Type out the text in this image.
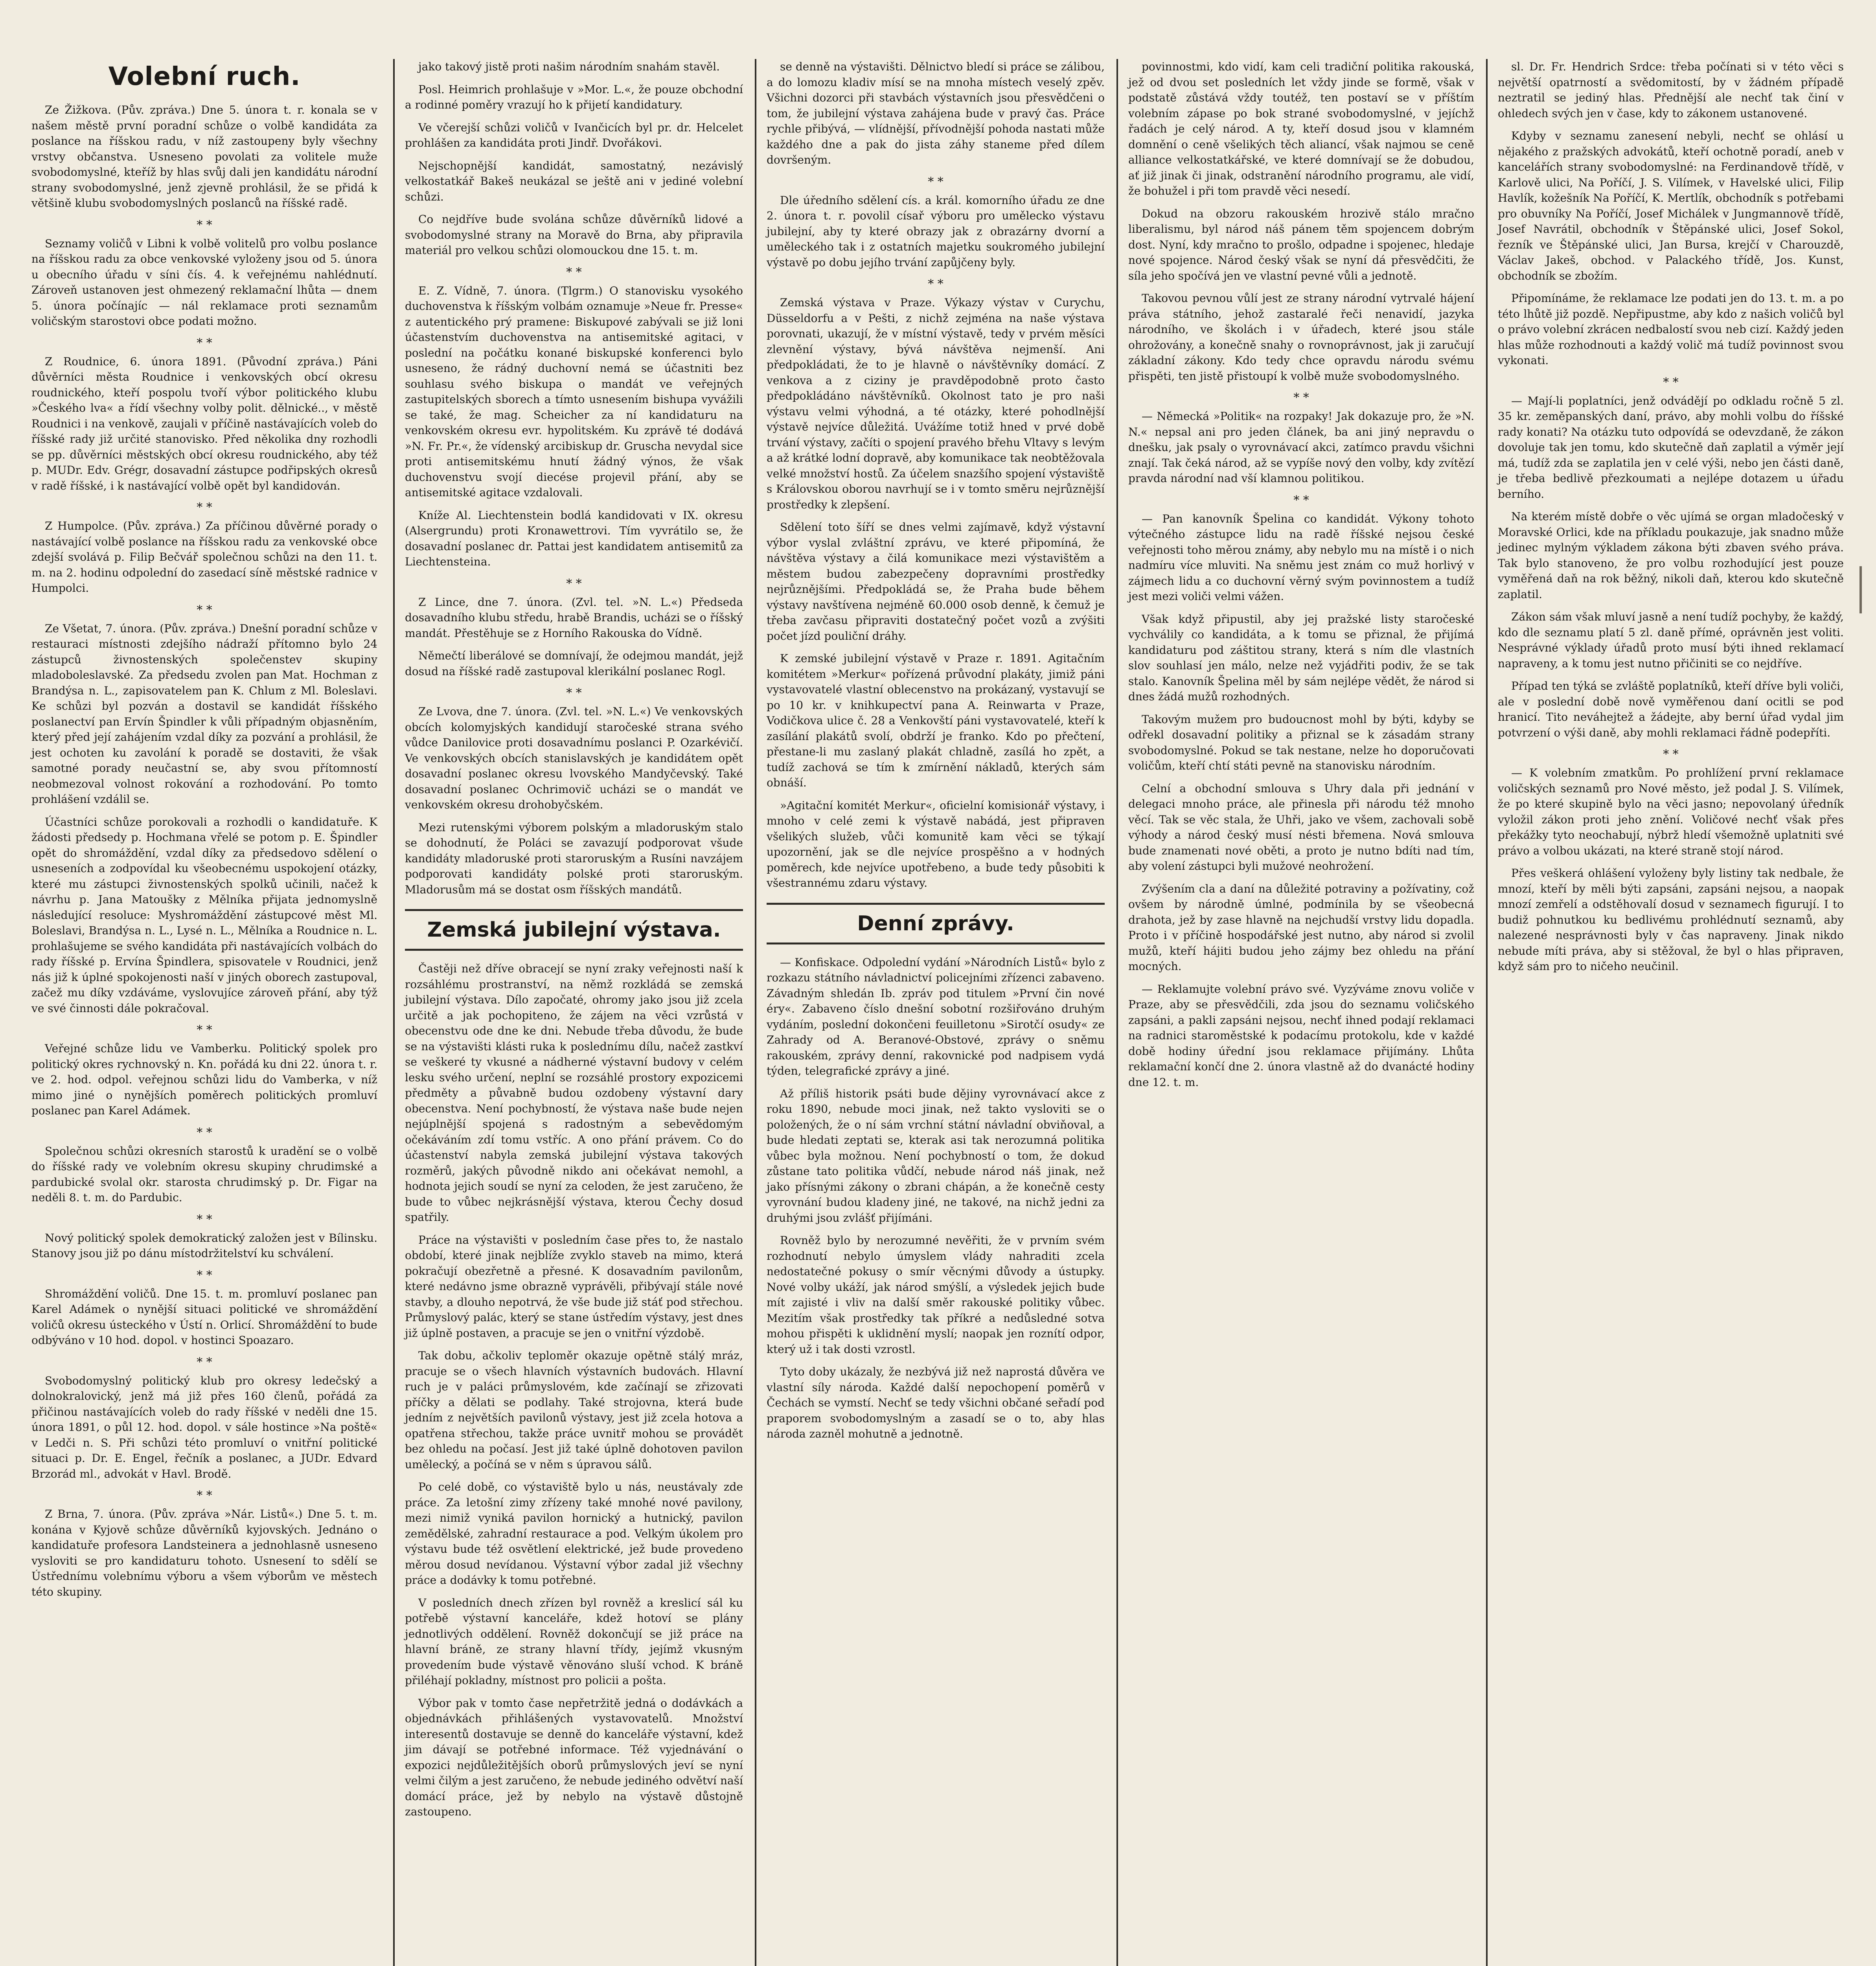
Volební ruch.

Ze Žižkova. (Pův. zpráva.) Dne 5. února t. r. konala se v našem městě první poradní schůze o volbě kandidáta za poslance na říšskou radu, v níž zastoupeny byly všechny vrstvy občanstva. Usneseno povolati za volitele muže svobodomyslné, kteříž by hlas svůj dali jen kandidátu národní strany svobodomyslné, jenž zjevně prohlásil, že se přidá k většině klubu svobodomyslných poslanců na říšské radě.

* *

Seznamy voličů v Libni k volbě volitelů pro volbu poslance na říšskou radu za obce venkovské vyloženy jsou od 5. února u obecního úřadu v síni čís. 4. k veřejnému nahlédnutí. Zároveň ustanoven jest ohmezený reklamační lhůta — dnem 5. února počínajíc — nál reklamace proti seznamům voličským starostovi obce podati možno.

* *

Z Roudnice, 6. února 1891. (Původní zpráva.) Páni důvěrníci města Roudnice i venkovských obcí okresu roudnického, kteří pospolu tvoří výbor politického klubu »Českého lva« a řídí všechny volby polit. dělnické.., v městě Roudnici i na venkově, zaujali v příčině nastávajících voleb do říšské rady již určité stanovisko. Před několika dny rozhodli se pp. důvěrníci městských obcí okresu roudnického, aby též p. MUDr. Edv. Grégr, dosavadní zástupce podřipských okresů v radě říšské, i k nastávající volbě opět byl kandidován.

* *

Z Humpolce. (Pův. zpráva.) Za příčinou důvěrné porady o nastávající volbě poslance na říšskou radu za venkovské obce zdejší svolává p. Filip Bečvář společnou schůzi na den 11. t. m. na 2. hodinu odpolední do zasedací síně městské radnice v Humpolci.

* *

Ze Všetat, 7. února. (Pův. zpráva.) Dnešní poradní schůze v restauraci místnosti zdejšího nádraží přítomno bylo 24 zástupců živnostenských společenstev skupiny mladoboleslavské. Za předsedu zvolen pan Mat. Hochman z Brandýsa n. L., zapisovatelem pan K. Chlum z Ml. Boleslavi. Ke schůzi byl pozván a dostavil se kandidát říšského poslanectví pan Ervín Špindler k vůli případným objasněním, který před její zahájením vzdal díky za pozvání a prohlásil, že jest ochoten ku zavolání k poradě se dostaviti, že však samotné porady neučastní se, aby svou přítomností neobmezoval volnost rokování a rozhodování. Po tomto prohlášení vzdálil se.

Účastníci schůze porokovali a rozhodli o kandidatuře. K žádosti předsedy p. Hochmana vřelé se potom p. E. Špindler opět do shromáždění, vzdal díky za předsedovo sdělení o usneseních a zodpovídal ku všeobecnému uspokojení otázky, které mu zástupci živnostenských spolků učinili, načež k návrhu p. Jana Matoušky z Mělníka přijata jednomyslně následující resoluce: Myshromáždění zástupcové měst Ml. Boleslavi, Brandýsa n. L., Lysé n. L., Mělníka a Roudnice n. L. prohlašujeme se svého kandidáta při nastávajících volbách do rady říšské p. Ervína Špindlera, spisovatele v Roudnici, jenž nás již k úplné spokojenosti naší v jiných oborech zastupoval, začež mu díky vzdáváme, vyslovujíce zároveň přání, aby týž ve své činnosti dále pokračoval.

* *

Veřejné schůze lidu ve Vamberku. Politický spolek pro politický okres rychnovský n. Kn. pořádá ku dni 22. února t. r. ve 2. hod. odpol. veřejnou schůzi lidu do Vamberka, v níž mimo jiné o nynějších poměrech politických promluví poslanec pan Karel Adámek.

* *

Společnou schůzi okresních starostů k uradění se o volbě do říšské rady ve volebním okresu skupiny chrudimské a pardubické svolal okr. starosta chrudimský p. Dr. Figar na neděli 8. t. m. do Pardubic.

* *

Nový politický spolek demokratický založen jest v Bílinsku. Stanovy jsou již po dánu místodržitelství ku schválení.

* *

Shromáždění voličů. Dne 15. t. m. promluví poslanec pan Karel Adámek o nynější situaci politické ve shromáždění voličů okresu ústeckého v Ústí n. Orlicí. Shromáždění to bude odbýváno v 10 hod. dopol. v hostinci Spoazaro.

* *

Svobodomyslný politický klub pro okresy ledečský a dolnokralovický, jenž má již přes 160 členů, pořádá za přičinou nastávajících voleb do rady říšské v neděli dne 15. února 1891, o půl 12. hod. dopol. v sále hostince »Na poště« v Ledči n. S. Při schůzi této promluví o vnitřní politické situaci p. Dr. E. Engel, řečník a poslanec, a JUDr. Edvard Brzorád ml., advokát v Havl. Brodě.

* *

Z Brna, 7. února. (Pův. zpráva »Nár. Listů«.) Dne 5. t. m. konána v Kyjově schůze důvěrníků kyjovských. Jednáno o kandidatuře profesora Landsteinera a jednohlasně usneseno vysloviti se pro kandidaturu tohoto. Usnesení to sdělí se Ústřednímu volebnímu výboru a všem výborům ve městech této skupiny.

jako takový jistě proti našim národním snahám stavěl.

Posl. Heimrich prohlašuje v »Mor. L.«, že pouze obchodní a rodinné poměry vrazují ho k přijetí kandidatury.

Ve včerejší schůzi voličů v Ivančicích byl pr. dr. Helcelet prohlášen za kandidáta proti Jindř. Dvořákovi.

Nejschopnější kandidát, samostatný, nezávislý velkostatkář Bakeš neukázal se ještě ani v jediné volební schůzi.

Co nejdříve bude svolána schůze důvěrníků lidové a svobodomyslné strany na Moravě do Brna, aby připravila materiál pro velkou schůzi olomouckou dne 15. t. m.

* *

E. Z. Vídně, 7. února. (Tlgrm.) O stanovisku vysokého duchovenstva k říšským volbám oznamuje »Neue fr. Presse« z autentického prý pramene: Biskupové zabývali se již loni účastenstvím duchovenstva na antisemitské agitaci, v poslední na počátku konané biskupské konferenci bylo usneseno, že rádný duchovní nemá se účastniti bez souhlasu svého biskupa o mandát ve veřejných zastupitelských sborech a tímto usnesením bishupa vyvážili se také, že mag. Scheicher za ní kandidaturu na venkovském okresu evr. hypolitském. Ku zprávě té dodává »N. Fr. Pr.«, že vídenský arcibiskup dr. Gruscha nevydal sice proti antisemitskému hnutí žádný výnos, že však duchovenstvu svojí diecése projevil přání, aby se antisemitské agitace vzdalovali.

Kníže Al. Liechtenstein bodlá kandidovati v IX. okresu (Alsergrundu) proti Kronawettrovi. Tím vyvrátilo se, že dosavadní poslanec dr. Pattai jest kandidatem antisemitů za Liechtensteina.

* *

Z Lince, dne 7. února. (Zvl. tel. »N. L.«) Předseda dosavadního klubu středu, hrabě Brandis, ucházi se o říšský mandát. Přestěhuje se z Horního Rakouska do Vídně.

Němečtí liberálové se domnívají, že odejmou mandát, jejž dosud na říšské radě zastupoval klerikální poslanec Rogl.

* *

Ze Lvova, dne 7. února. (Zvl. tel. »N. L.«) Ve venkovských obcích kolomyjských kandidují staročeské strana svého vůdce Danilovice proti dosavadnímu poslanci P. Ozarkévičí. Ve venkovských obcích stanislavských je kandidátem opět dosavadní poslanec okresu lvovského Mandyčevský. Také dosavadní poslanec Ochrimovič ucházi se o mandát ve venkovském okresu drohobyčském.

Mezi rutenskými výborem polským a mladoruským stalo se dohodnutí, že Poláci se zavazují podporovat všude kandidáty mladoruské proti staroruským a Rusíni navzájem podporovati kandidáty polské proti staroruským. Mladorusům má se dostat osm říšských mandátů.

Zemská jubilejní výstava.

Častěji než dříve obracejí se nyní zraky veřejnosti naší k rozsáhlému prostranství, na němž rozkládá se zemská jubilejní výstava. Dílo započaté, ohromy jako jsou již zcela určitě a jak pochopiteno, že zájem na věci vzrůstá v obecenstvu ode dne ke dni. Nebude třeba důvodu, že bude se na výstavišti klásti ruka k poslednímu dílu, načež zastkví se veškeré ty vkusné a nádherné výstavní budovy v celém lesku svého určení, neplní se rozsáhlé prostory expozicemi předměty a půvabně budou ozdobeny výstavní dary obecenstva. Není pochybností, že výstava naše bude nejen nejúplnější spojená s radostným a sebevědomým očekáváním zdí tomu vstříc. A ono přání právem. Co do účastenství nabyla zemská jubilejní výstava takových rozměrů, jakých původně nikdo ani očekávat nemohl, a hodnota jejich soudí se nyní za celoden, že jest zaručeno, že bude to vůbec nejkrásnější výstava, kterou Čechy dosud spatřily.

Práce na výstavišti v posledním čase přes to, že nastalo období, které jinak nejblíže zvyklo staveb na mimo, která pokračují obezřetně a přesné. K dosavadním pavilonům, které nedávno jsme obrazně vyprávěli, přibývají stále nové stavby, a dlouho nepotrvá, že vše bude již stáť pod střechou. Průmyslový palác, který se stane ústředím výstavy, jest dnes již úplně postaven, a pracuje se jen o vnitřní výzdobě.

Tak dobu, ačkoliv teploměr okazuje opětně stálý mráz, pracuje se o všech hlavních výstavních budovách. Hlavní ruch je v paláci průmyslovém, kde začínají se zřizovati příčky a dělati se podlahy. Také strojovna, která bude jedním z největších pavilonů výstavy, jest již zcela hotova a opatřena střechou, takže práce uvnitř mohou se provádět bez ohledu na počasí. Jest již také úplně dohotoven pavilon umělecký, a počíná se v něm s úpravou sálů.

Po celé době, co výstaviště bylo u nás, neustávaly zde práce. Za letošní zimy zřízeny také mnohé nové pavilony, mezi nimiž vyniká pavilon hornický a hutnický, pavilon zemědělské, zahradní restaurace a pod. Velkým úkolem pro výstavu bude též osvětlení elektrické, jež bude provedeno měrou dosud nevídanou. Výstavní výbor zadal již všechny práce a dodávky k tomu potřebné.

V posledních dnech zřízen byl rovněž a kreslicí sál ku potřebě výstavní kanceláře, kdež hotoví se plány jednotlivých oddělení. Rovněž dokončují se již práce na hlavní bráně, ze strany hlavní třídy, jejímž vkusným provedením bude výstavě věnováno sluší vchod. K bráně přiléhají pokladny, místnost pro policii a pošta.

Výbor pak v tomto čase nepřetržitě jedná o dodávkách a objednávkách přihlášených vystavovatelů. Množství interesentů dostavuje se denně do kanceláře výstavní, kdež jim dávají se potřebné informace. Též vyjednávání o expozici nejdůležitějších oborů průmyslových jeví se nyní velmi čilým a jest zaručeno, že nebude jediného odvětví naší domácí práce, jež by nebylo na výstavě důstojně zastoupeno.

se denně na výstavišti. Dělnictvo bledí si práce se zálibou, a do lomozu kladiv mísí se na mnoha místech veselý zpěv. Všichni dozorci při stavbách výstavních jsou přesvědčeni o tom, že jubilejní výstava zahájena bude v pravý čas. Práce rychle přibývá, — vlídnější, přívodnější pohoda nastati může každého dne a pak do jista záhy staneme před dílem dovršeným.

* *

Dle úředního sdělení cís. a král. komorního úřadu ze dne 2. února t. r. povolil císař výboru pro umělecko výstavu jubilejní, aby ty které obrazy jak z obrazárny dvorní a uměleckého tak i z ostatních majetku soukromého jubilejní výstavě po dobu jejího trvání zapůjčeny byly.

* *

Zemská výstava v Praze. Výkazy výstav v Curychu, Düsseldorfu a v Pešti, z nichž zejména na naše výstava porovnati, ukazují, že v místní výstavě, tedy v prvém měsíci zlevnění výstavy, bývá návštěva nejmenší. Ani předpokládati, že to je hlavně o návštěvníky domácí. Z venkova a z ciziny je pravděpodobně proto často předpokládáno návštěvníků. Okolnost tato je pro naši výstavu velmi výhodná, a té otázky, které pohodlnější výstavě nejvíce důležitá. Uvážíme totiž hned v prvé době trvání výstavy, začíti o spojení pravého břehu Vltavy s levým a až krátké lodní dopravě, aby komunikace tak neobtěžovala velké množství hostů. Za účelem snazšího spojení výstaviště s Královskou oborou navrhují se i v tomto směru nejrůznější prostředky k zlepšení.

Sdělení toto šíří se dnes velmi zajímavě, když výstavní výbor vyslal zvláštní zprávu, ve které připomíná, že návštěva výstavy a čilá komunikace mezi výstavištěm a městem budou zabezpečeny dopravními prostředky nejrůznějšími. Předpokládá se, že Praha bude během výstavy navštívena nejméně 60.000 osob denně, k čemuž je třeba zavčasu připraviti dostatečný počet vozů a zvýšiti počet jízd pouliční dráhy.

K zemské jubilejní výstavě v Praze r. 1891. Agitačním komitétem »Merkur« pořízená průvodní plakáty, jimiž páni vystavovatelé vlastní oblecenstvo na prokázaný, vystavují se po 10 kr. v knihkupectví pana A. Reinwarta v Praze, Vodičkova ulice č. 28 a Venkovští páni vystavovatelé, kteří k zasílání plakátů svolí, obdrží je franko. Kdo po přečtení, přestane-li mu zaslaný plakát chladně, zasílá ho zpět, a tudíž zachová se tím k zmírnění nákladů, kterých sám obnáší.

»Agitační komitét Merkur«, oficielní komisionář výstavy, i mnoho v celé zemi k výstavě nabádá, jest připraven všelikých služeb, vůči komunitě kam věci se týkají upozornění, jak se dle nejvíce prospěšno a v hodných poměrech, kde nejvíce upotřebeno, a bude tedy působiti k všestrannému zdaru výstavy.

Denní zprávy.

— Konfiskace. Odpolední vydání »Národních Listů« bylo z rozkazu státního návladnictví policejními zřízenci zabaveno. Závadným shledán Ib. zpráv pod titulem »První čin nové éry«. Zabaveno číslo dnešní sobotní rozšiřováno druhým vydáním, poslední dokončeni feuilletonu »Sirotčí osudy« ze Zahrady od A. Beranové-Obstové, zprávy o sněmu rakouském, zprávy denní, rakovnické pod nadpisem vydá týden, telegrafické zprávy a jiné.

Až příliš historik psáti bude dějiny vyrovnávací akce z roku 1890, nebude moci jinak, než takto vysloviti se o položených, že o ní sám vrchní státní návladní obviňoval, a bude hledati zeptati se, kterak asi tak nerozumná politika vůbec byla možnou. Není pochybností o tom, že dokud zůstane tato politika vůdčí, nebude národ náš jinak, než jako přísnými zákony o zbrani chápán, a že konečně cesty vyrovnání budou kladeny jiné, ne takové, na nichž jedni za druhými jsou zvlášť přijímáni.

Rovněž bylo by nerozumné nevěřiti, že v prvním svém rozhodnutí nebylo úmyslem vlády nahraditi zcela nedostatečné pokusy o smír věcnými důvody a ústupky. Nové volby ukáží, jak národ smýšlí, a výsledek jejich bude mít zajisté i vliv na další směr rakouské politiky vůbec. Mezitím však prostředky tak příkré a nedůsledné sotva mohou přispěti k uklidnění myslí; naopak jen roznítí odpor, který už i tak dosti vzrostl.

Tyto doby ukázaly, že nezbývá již než naprostá důvěra ve vlastní síly národa. Každé další nepochopení poměrů v Čechách se vymstí. Nechť se tedy všichni občané seřadí pod praporem svobodomyslným a zasadí se o to, aby hlas národa zazněl mohutně a jednotně.

povinnostmi, kdo vidí, kam celi tradiční politika rakouská, jež od dvou set posledních let vždy jinde se formě, však v podstatě zůstává vždy toutéž, ten postaví se v příštím volebním zápase po bok strané svobodomyslné, v jejíchž řadách je celý národ. A ty, kteří dosud jsou v klamném domnění o ceně všelikých těch aliancí, však najmou se ceně alliance velkostatkářské, ve které domnívají se že dobudou, ať již jinak či jinak, odstranění národního programu, ale vidí, že bohužel i při tom pravdě věci nesedí.

Dokud na obzoru rakouském hrozivě stálo mračno liberalismu, byl národ náš pánem těm spojencem dobrým dost. Nyní, kdy mračno to prošlo, odpadne i spojenec, hledaje nové spojence. Národ český však se nyní dá přesvědčiti, že síla jeho spočívá jen ve vlastní pevné vůli a jednotě.

Takovou pevnou vůlí jest ze strany národní vytrvalé hájení práva státního, jehož zastaralé řeči nenavidí, jazyka národního, ve školách i v úřadech, které jsou stále ohrožovány, a konečně snahy o rovnoprávnost, jak ji zaručují základní zákony. Kdo tedy chce opravdu národu svému přispěti, ten jistě přistoupí k volbě muže svobodomyslného.

* *

— Německá »Politik« na rozpaky! Jak dokazuje pro, že »N. N.« nepsal ani pro jeden článek, ba ani jiný nepravdu o dnešku, jak psaly o vyrovnávací akci, zatímco pravdu všichni znají. Tak čeká národ, až se vypíše nový den volby, kdy zvítězí pravda národní nad vší klamnou politikou.

* *

— Pan kanovník Špelina co kandidát. Výkony tohoto výtečného zástupce lidu na radě říšské nejsou české veřejnosti toho měrou známy, aby nebylo mu na místě i o nich nadmíru více mluviti. Na sněmu jest znám co muž horlivý v zájmech lidu a co duchovní věrný svým povinnostem a tudíž jest mezi voliči velmi vážen.

Však když připustil, aby jej pražské listy staročeské vychválily co kandidáta, a k tomu se přiznal, že přijímá kandidaturu pod záštitou strany, která s ním dle vlastních slov souhlasí jen málo, nelze než vyjádřiti podiv, že se tak stalo. Kanovník Špelina měl by sám nejlépe vědět, že národ si dnes žádá mužů rozhodných.

Takovým mužem pro budoucnost mohl by býti, kdyby se odřekl dosavadní politiky a přiznal se k zásadám strany svobodomyslné. Pokud se tak nestane, nelze ho doporučovati voličům, kteří chtí státi pevně na stanovisku národním.

Celní a obchodní smlouva s Uhry dala při jednání v delegaci mnoho práce, ale přinesla při národu též mnoho věcí. Tak se věc stala, že Uhři, jako ve všem, zachovali sobě výhody a národ český musí nésti břemena. Nová smlouva bude znamenati nové oběti, a proto je nutno bdíti nad tím, aby volení zástupci byli mužové neohrožení.

Zvýšením cla a daní na důležité potraviny a požívatiny, což ovšem by národně úmlné, podmínila by se všeobecná drahota, jež by zase hlavně na nejchudší vrstvy lidu dopadla. Proto i v příčině hospodářské jest nutno, aby národ si zvolil mužů, kteří hájiti budou jeho zájmy bez ohledu na přání mocných.

— Reklamujte volební právo své. Vyzýváme znovu voliče v Praze, aby se přesvědčili, zda jsou do seznamu voličského zapsáni, a pakli zapsáni nejsou, nechť ihned podají reklamaci na radnici staroměstské k podacímu protokolu, kde v každé době hodiny úřední jsou reklamace přijímány. Lhůta reklamační končí dne 2. února vlastně až do dvanácté hodiny dne 12. t. m.

sl. Dr. Fr. Hendrich Srdce: třeba počínati si v této věci s největší opatrností a svědomitostí, by v žádném případě neztratil se jediný hlas. Přednější ale nechť tak činí v ohledech svých jen v čase, kdy to zákonem ustanovené.

Kdyby v seznamu zanesení nebyli, nechť se ohlásí u nějakého z pražských advokátů, kteří ochotně poradí, aneb v kancelářích strany svobodomyslné: na Ferdinandově třídě, v Karlově ulici, Na Poříčí, J. S. Vilímek, v Havelské ulici, Filip Havlík, kožešník Na Poříčí, K. Mertlík, obchodník s potřebami pro obuvníky Na Poříčí, Josef Michálek v Jungmannově třídě, Josef Navrátil, obchodník v Štěpánské ulici, Josef Sokol, řezník ve Štěpánské ulici, Jan Bursa, krejčí v Charouzdě, Václav Jakeš, obchod. v Palackého třídě, Jos. Kunst, obchodník se zbožím.

Připomínáme, že reklamace lze podati jen do 13. t. m. a po této lhůtě již pozdě. Nepřipustme, aby kdo z našich voličů byl o právo volební zkrácen nedbalostí svou neb cizí. Každý jeden hlas může rozhodnouti a každý volič má tudíž povinnost svou vykonati.

* *

— Mají-li poplatníci, jenž odvádějí po odkladu ročně 5 zl. 35 kr. zeměpanských daní, právo, aby mohli volbu do říšské rady konati? Na otázku tuto odpovídá se odevzdaně, že zákon dovoluje tak jen tomu, kdo skutečně daň zaplatil a výměr její má, tudíž zda se zaplatila jen v celé výši, nebo jen části daně, je třeba bedlivě přezkoumati a nejlépe dotazem u úřadu berního.

Na kterém místě dobře o věc ujímá se organ mladočeský v Moravské Orlici, kde na příkladu poukazuje, jak snadno může jedinec mylným výkladem zákona býti zbaven svého práva. Tak bylo stanoveno, že pro volbu rozhodující jest pouze vyměřená daň na rok běžný, nikoli daň, kterou kdo skutečně zaplatil.

Zákon sám však mluví jasně a není tudíž pochyby, že každý, kdo dle seznamu platí 5 zl. daně přímé, oprávněn jest voliti. Nesprávné výklady úřadů proto musí býti ihned reklamací napraveny, a k tomu jest nutno přičiniti se co nejdříve.

Případ ten týká se zvláště poplatníků, kteří dříve byli voliči, ale v poslední době nově vyměřenou daní ocitli se pod hranicí. Tito neváhejtež a žádejte, aby berní úřad vydal jim potvrzení o výši daně, aby mohli reklamaci řádně podepříti.

* *

— K volebním zmatkům. Po prohlížení první reklamace voličských seznamů pro Nové město, jež podal J. S. Vilímek, že po které skupině bylo na věci jasno; nepovolaný úředník vyložil zákon proti jeho znění. Voličové nechť však přes překážky tyto neochabují, nýbrž hledí všemožně uplatniti své právo a volbou ukázati, na které straně stojí národ.

Přes veškerá ohlášení vyloženy byly listiny tak nedbale, že mnozí, kteří by měli býti zapsáni, zapsáni nejsou, a naopak mnozí zemřelí a odstěhovalí dosud v seznamech figurují. I to budiž pohnutkou ku bedlivému prohlédnutí seznamů, aby nalezené nesprávnosti byly v čas napraveny. Jinak nikdo nebude míti práva, aby si stěžoval, že byl o hlas připraven, když sám pro to ničeho neučinil.
